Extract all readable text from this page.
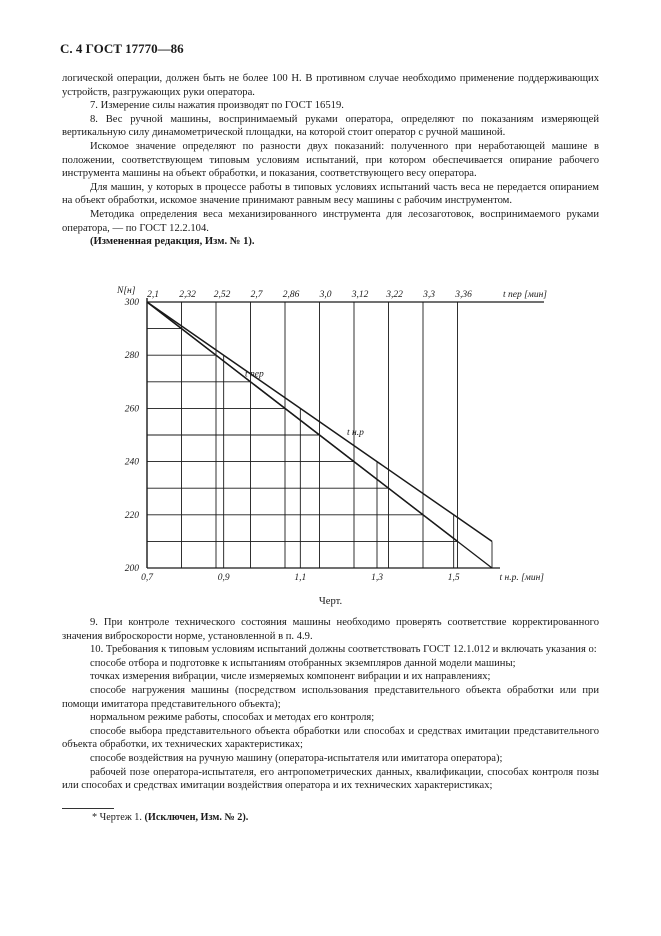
С. 4 ГОСТ 17770—86

логической операции, должен быть не более 100 Н. В противном случае необходимо применение поддерживающих устройств, разгружающих руки оператора.

7. Измерение силы нажатия производят по ГОСТ 16519.

8. Вес ручной машины, воспринимаемый руками оператора, определяют по показаниям измеряющей вертикальную силу динамометрической площадки, на которой стоит оператор с ручной машиной.

Искомое значение определяют по разности двух показаний: полученного при неработающей машине в положении, соответствующем типовым условиям испытаний, при котором обеспечивается опирание рабочего инструмента машины на объект обработки, и показания, соответствующего весу оператора.

Для машин, у которых в процессе работы в типовых условиях испытаний часть веса не передается опиранием на объект обработки, искомое значение принимают равным весу машины с рабочим инструментом.

Методика определения веса механизированного инструмента для лесозаготовок, воспринимаемого руками оператора, — по ГОСТ 12.2.104.

(Измененная редакция, Изм. № 1).

300
280
260
240
220
200
N[н] 2,1 2,32 2,52 2,7 2,86 3,0 3,12 3,22 3,3 3,36	t пер [мин]
0,7	0,9	1,1	1,3	1,5	t н.р. [мин]
t пер
t н.р
Черт.

9. При контроле технического состояния машины необходимо проверять соответствие корректированного значения виброскорости норме, установленной в п. 4.9.

10. Требования к типовым условиям испытаний должны соответствовать ГОСТ 12.1.012 и включать указания о:

способе отбора и подготовке к испытаниям отобранных экземпляров данной модели машины;

точках измерения вибрации, числе измеряемых компонент вибрации и их направлениях;

способе нагружения машины (посредством использования представительного объекта обработки или при помощи имитатора представительного объекта);

нормальном режиме работы, способах и методах его контроля;

способе выбора представительного объекта обработки или способах и средствах имитации представительного объекта обработки, их технических характеристиках;

способе воздействия на ручную машину (оператора-испытателя или имитатора оператора);

рабочей позе оператора-испытателя, его антропометрических данных, квалификации, способах контроля позы или способах и средствах имитации воздействия оператора и их технических характеристиках;

* Чертеж 1. (Исключен, Изм. № 2).
